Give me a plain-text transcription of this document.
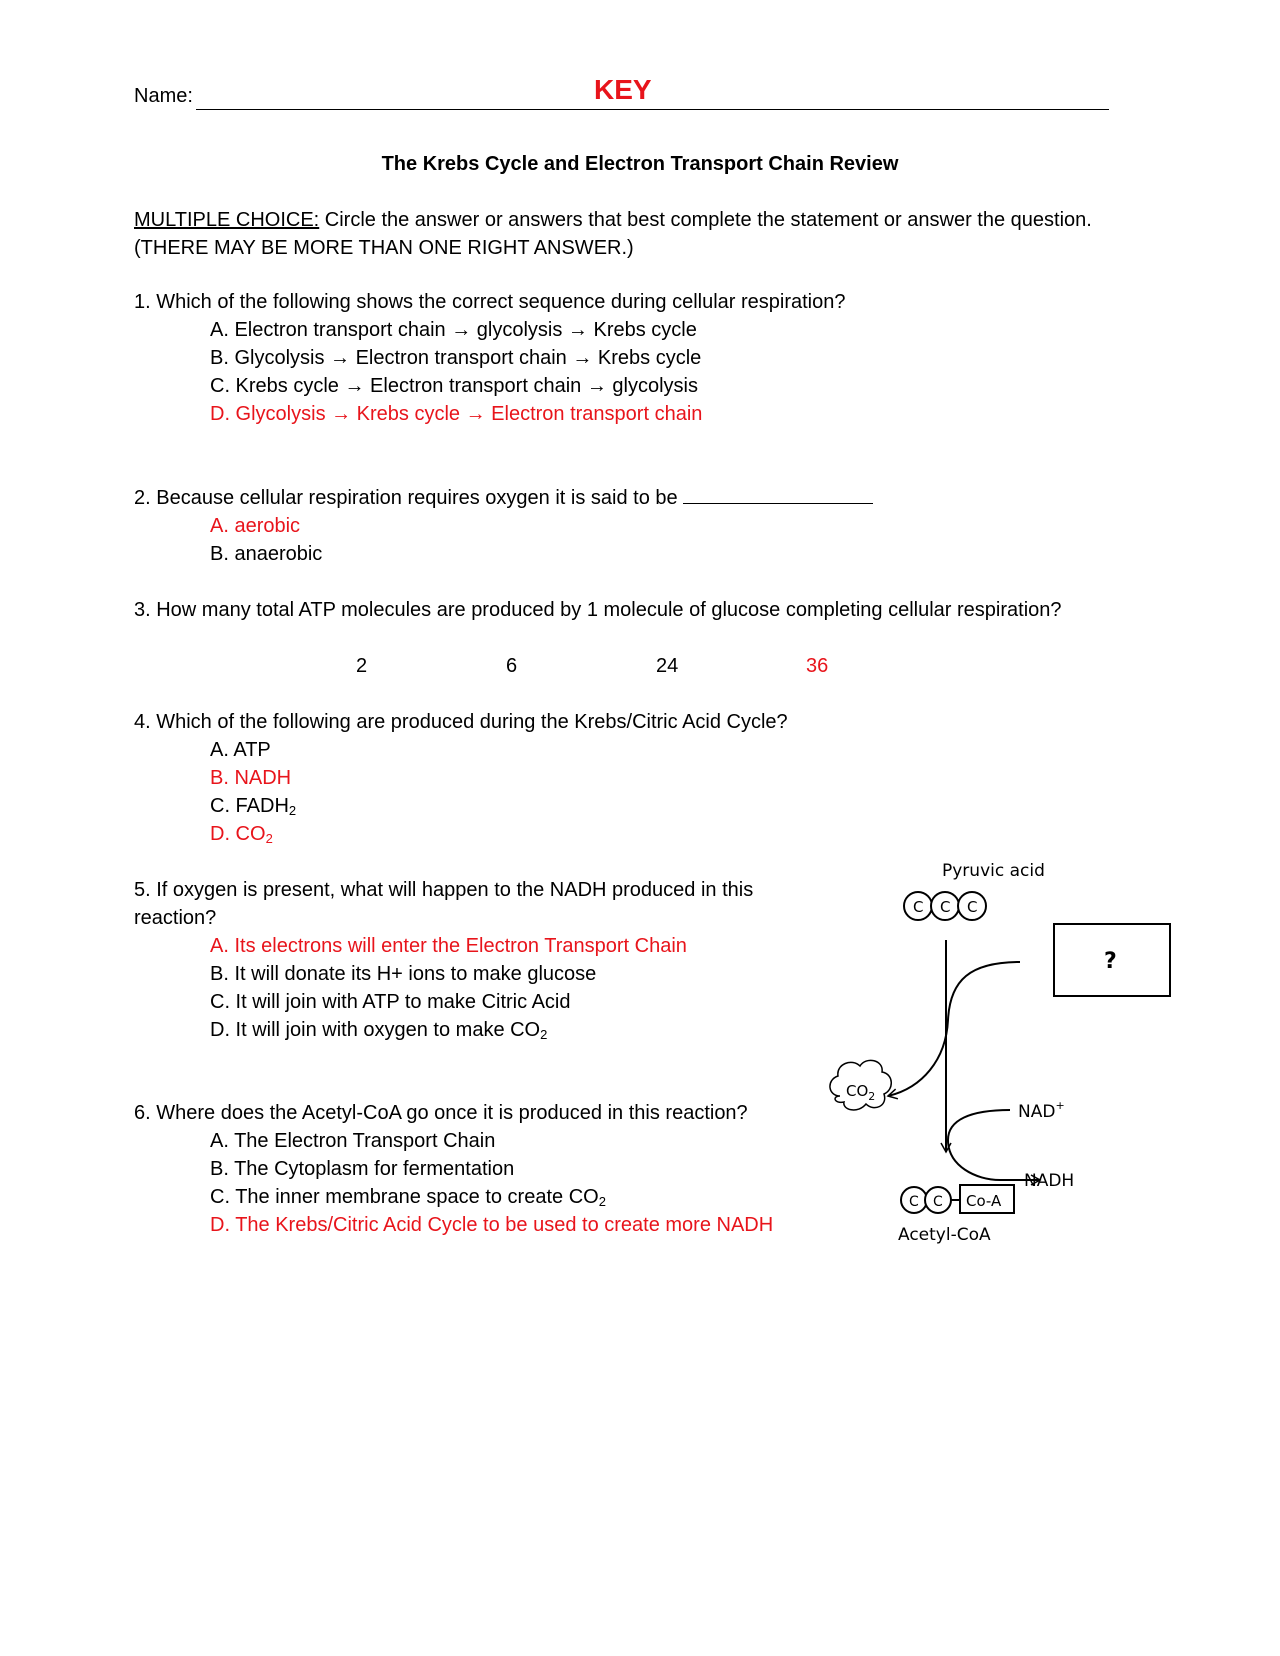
Name:	KEY
The Krebs Cycle and Electron Transport Chain Review
MULTIPLE CHOICE: Circle the answer or answers that best complete the statement or answer the question.
(THERE MAY BE MORE THAN ONE RIGHT ANSWER.)
1. Which of the following shows the correct sequence during cellular respiration?
A. Electron transport chain → glycolysis → Krebs cycle
B. Glycolysis → Electron transport chain → Krebs cycle
C. Krebs cycle → Electron transport chain → glycolysis
D. Glycolysis → Krebs cycle → Electron transport chain
2. Because cellular respiration requires oxygen it is said to be
A. aerobic
B. anaerobic
3. How many total ATP molecules are produced by 1 molecule of glucose completing cellular respiration?
2	6	24	36
4. Which of the following are produced during the Krebs/Citric Acid Cycle?
A. ATP
B. NADH
C. $FADH_2$
D. $CO_2$
5. If oxygen is present, what will happen to the NADH produced in this
reaction?
A. Its electrons will enter the Electron Transport Chain
B. It will donate its H+ ions to make glucose
C. It will join with ATP to make Citric Acid
D. It will join with oxygen to make $CO_2$
6. Where does the Acetyl-CoA go once it is produced in this reaction?
A. The Electron Transport Chain
B. The Cytoplasm for fermentation
C. The inner membrane space to create $CO_2$
D. The Krebs/Citric Acid Cycle to be used to create more NADH
Pyruvic acid
C C C
$CO_2$
NAD+
NADH
C C Co-A
Acetyl-CoA
?
